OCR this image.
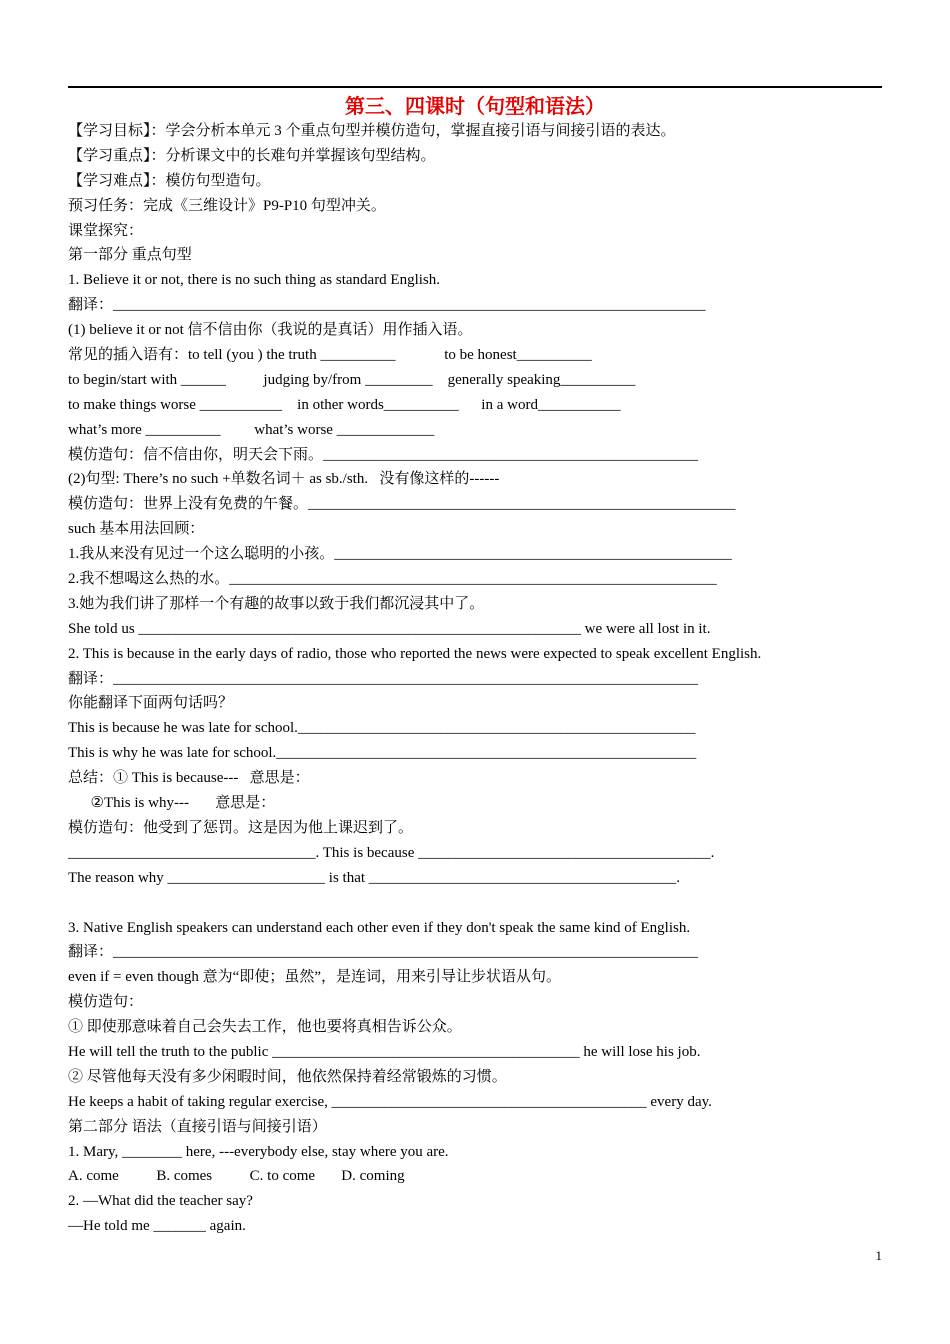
第三、四课时（句型和语法）
【学习目标】：学会分析本单元 3 个重点句型并模仿造句，掌握直接引语与间接引语的表达。
【学习重点】：分析课文中的长难句并掌握该句型结构。
【学习难点】：模仿句型造句。
预习任务：完成《三维设计》P9-P10 句型冲关。
课堂探究：
第一部分 重点句型
1. Believe it or not, there is no such thing as standard English.
翻译：_______________________________________________________________________________
(1) believe it or not 信不信由你（我说的是真话）用作插入语。
常见的插入语有：to tell (you ) the truth __________             to be honest__________
to begin/start with ______          judging by/from _________    generally speaking__________
to make things worse ___________    in other words__________      in a word___________
what’s more __________         what’s worse _____________
模仿造句：信不信由你，明天会下雨。__________________________________________________
(2)句型: There’s no such +单数名词＋ as sb./sth.   没有像这样的------
模仿造句：世界上没有免费的午餐。_________________________________________________________
such 基本用法回顾：
1.我从来没有见过一个这么聪明的小孩。_____________________________________________________
2.我不想喝这么热的水。_________________________________________________________________
3.她为我们讲了那样一个有趣的故事以致于我们都沉浸其中了。
She told us ___________________________________________________________ we were all lost in it.
2. This is because in the early days of radio, those who reported the news were expected to speak excellent English.
翻译：______________________________________________________________________________
你能翻译下面两句话吗？
This is because he was late for school._____________________________________________________
This is why he was late for school.________________________________________________________
总结：① This is because---   意思是：
②This is why---       意思是：
模仿造句：他受到了惩罚。这是因为他上课迟到了。
_________________________________. This is because _______________________________________.
The reason why _____________________ is that _________________________________________.
3. Native English speakers can understand each other even if they don't speak the same kind of English.
翻译：______________________________________________________________________________
even if = even though 意为“即使；虽然”，是连词，用来引导让步状语从句。
模仿造句：
① 即使那意味着自己会失去工作，他也要将真相告诉公众。
He will tell the truth to the public _________________________________________ he will lose his job.
② 尽管他每天没有多少闲暇时间，他依然保持着经常锻炼的习惯。
He keeps a habit of taking regular exercise, __________________________________________ every day.
第二部分 语法（直接引语与间接引语）
1. Mary, ________ here, ---everybody else, stay where you are.
A. come          B. comes          C. to come       D. coming
2. —What did the teacher say?
—He told me _______ again.
1
